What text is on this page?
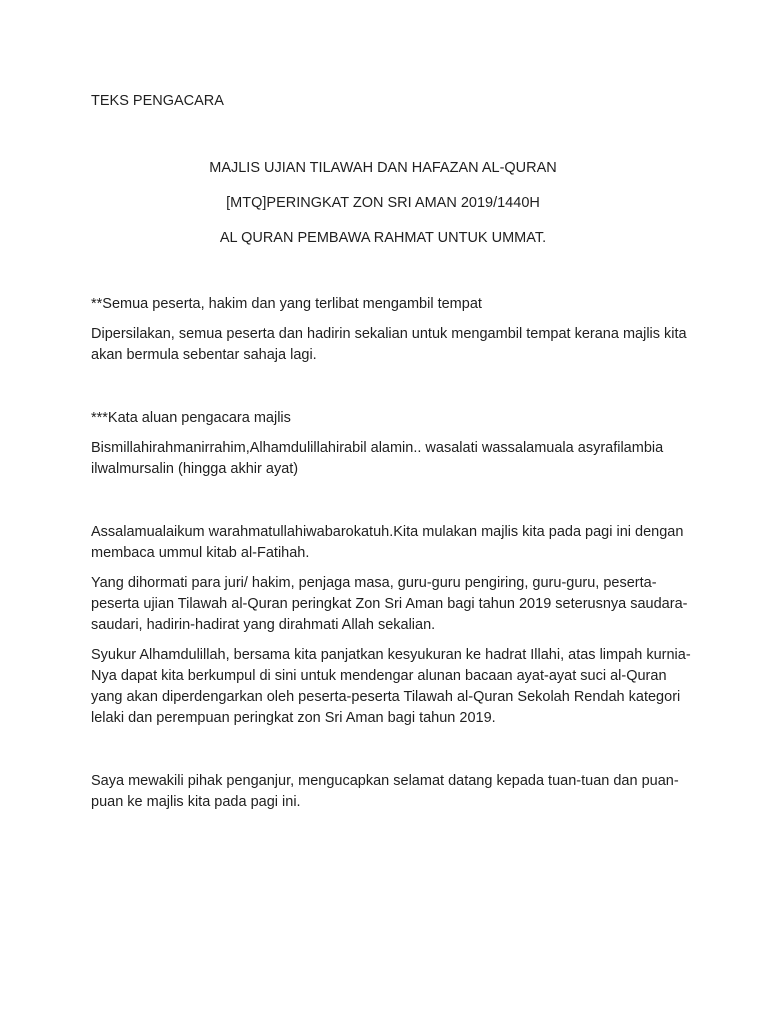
TEKS PENGACARA

MAJLIS UJIAN TILAWAH DAN HAFAZAN AL-QURAN

[MTQ]PERINGKAT ZON SRI AMAN 2019/1440H

AL QURAN PEMBAWA RAHMAT UNTUK UMMAT.

**Semua peserta, hakim dan yang terlibat mengambil tempat

Dipersilakan, semua peserta dan hadirin sekalian untuk mengambil tempat kerana majlis kita akan bermula sebentar sahaja lagi.

***Kata aluan pengacara majlis

Bismillahirahmanirrahim,Alhamdulillahirabil alamin.. wasalati wassalamuala asyrafilambia ilwalmursalin (hingga akhir ayat)

Assalamualaikum warahmatullahiwabarokatuh.Kita mulakan majlis kita pada pagi ini dengan membaca ummul kitab al-Fatihah.

Yang dihormati para juri/ hakim, penjaga masa, guru-guru pengiring, guru-guru, peserta-peserta ujian Tilawah al-Quran peringkat Zon Sri Aman bagi tahun 2019 seterusnya saudara-saudari, hadirin-hadirat yang dirahmati Allah sekalian.

Syukur Alhamdulillah, bersama kita panjatkan kesyukuran ke hadrat Illahi, atas limpah kurnia-Nya dapat kita berkumpul di sini untuk mendengar alunan bacaan ayat-ayat suci al-Quran yang akan diperdengarkan oleh peserta-peserta Tilawah al-Quran Sekolah Rendah kategori lelaki dan perempuan peringkat zon Sri Aman bagi tahun 2019.

Saya mewakili pihak penganjur, mengucapkan selamat datang kepada tuan-tuan dan puan-puan ke majlis kita pada pagi ini.
